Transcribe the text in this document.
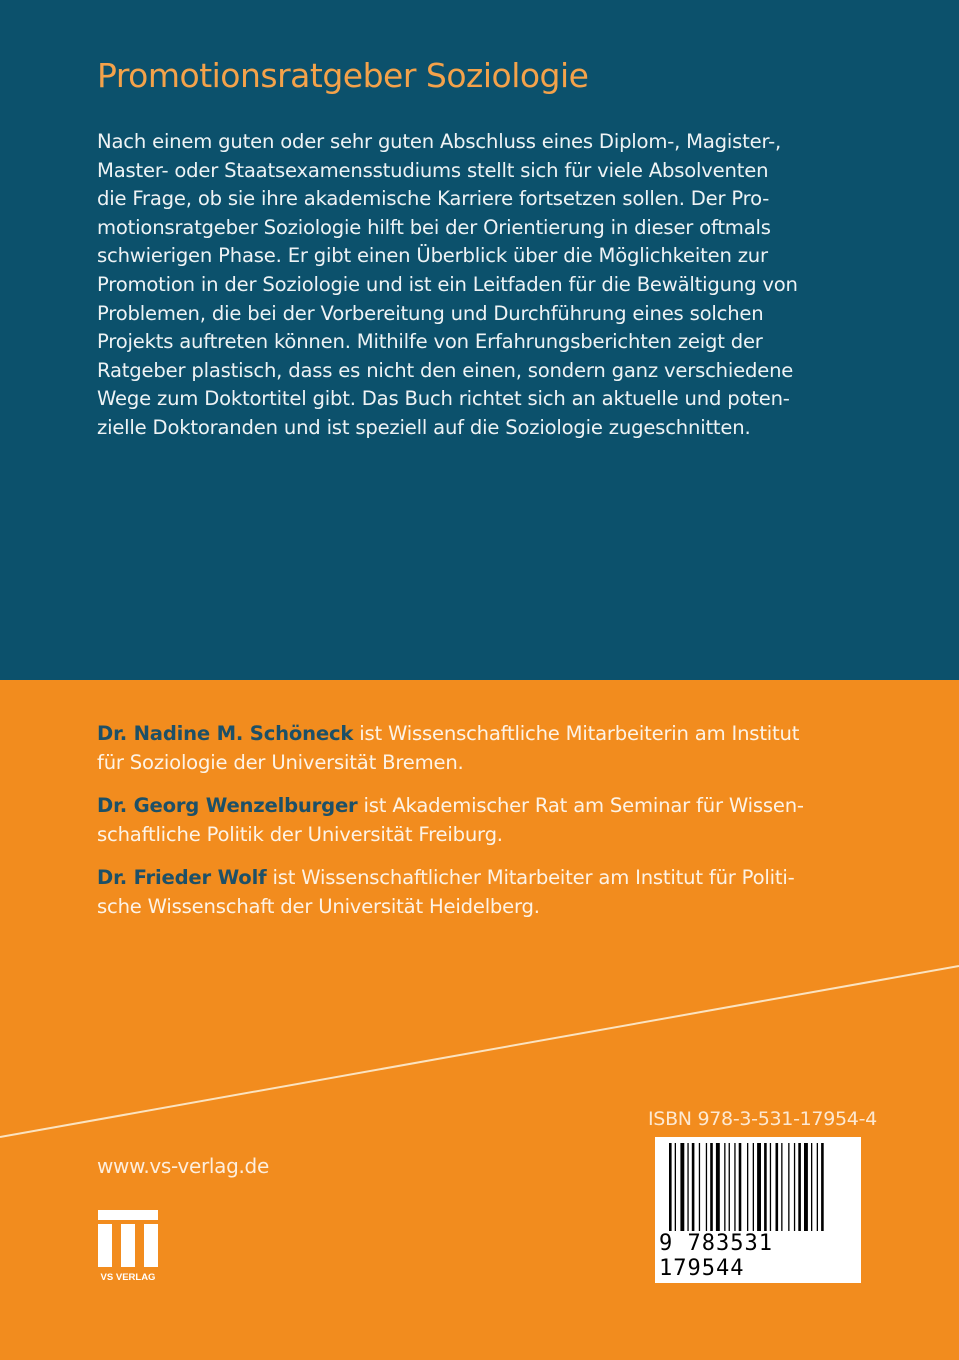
Promotionsratgeber Soziologie
Nach einem guten oder sehr guten Abschluss eines Diplom-, Magister-,
Master- oder Staatsexamensstudiums stellt sich für viele Absolventen
die Frage, ob sie ihre akademische Karriere fortsetzen sollen. Der Pro-
motionsratgeber Soziologie hilft bei der Orientierung in dieser oftmals
schwierigen Phase. Er gibt einen Überblick über die Möglichkeiten zur
Promotion in der Soziologie und ist ein Leitfaden für die Bewältigung von
Problemen, die bei der Vorbereitung und Durchführung eines solchen
Projekts auftreten können. Mithilfe von Erfahrungsberichten zeigt der
Ratgeber plastisch, dass es nicht den einen, sondern ganz verschiedene
Wege zum Doktortitel gibt. Das Buch richtet sich an aktuelle und poten-
zielle Doktoranden und ist speziell auf die Soziologie zugeschnitten.
Dr. Nadine M. Schöneck ist Wissenschaftliche Mitarbeiterin am Institut
für Soziologie der Universität Bremen.
Dr. Georg Wenzelburger ist Akademischer Rat am Seminar für Wissen-
schaftliche Politik der Universität Freiburg.
Dr. Frieder Wolf ist Wissenschaftlicher Mitarbeiter am Institut für Politi-
sche Wissenschaft der Universität Heidelberg.
www.vs-verlag.de
VS VERLAG
ISBN 978-3-531-17954-4
9 783531 179544
